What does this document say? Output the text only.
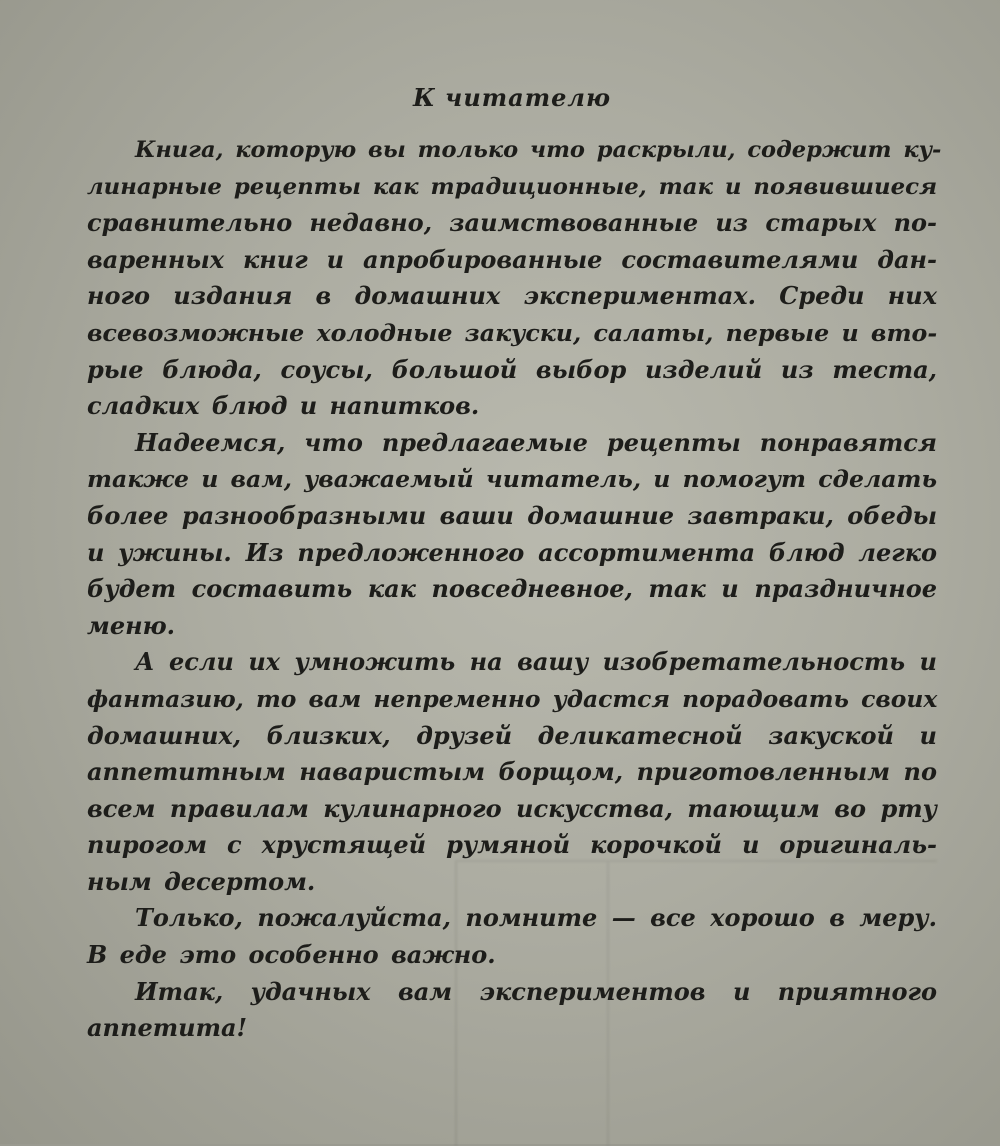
К читателю
Книга, которую вы только что раскрыли, содержит ку-
линарные рецепты как традиционные, так и появившиеся
сравнительно недавно, заимствованные из старых по-
варенных книг и апробированные составителями дан-
ного издания в домашних экспериментах. Среди них
всевозможные холодные закуски, салаты, первые и вто-
рые блюда, соусы, большой выбор изделий из теста,
сладких блюд и напитков.
Надеемся, что предлагаемые рецепты понравятся
также и вам, уважаемый читатель, и помогут сделать
более разнообразными ваши домашние завтраки, обеды
и ужины. Из предложенного ассортимента блюд легко
будет составить как повседневное, так и праздничное
меню.
А если их умножить на вашу изобретательность и
фантазию, то вам непременно удастся порадовать своих
домашних, близких, друзей деликатесной закуской и
аппетитным наваристым борщом, приготовленным по
всем правилам кулинарного искусства, тающим во рту
пирогом с хрустящей румяной корочкой и оригиналь-
ным десертом.
Только, пожалуйста, помните — все хорошо в меру.
В еде это особенно важно.
Итак, удачных вам экспериментов и приятного
аппетита!
